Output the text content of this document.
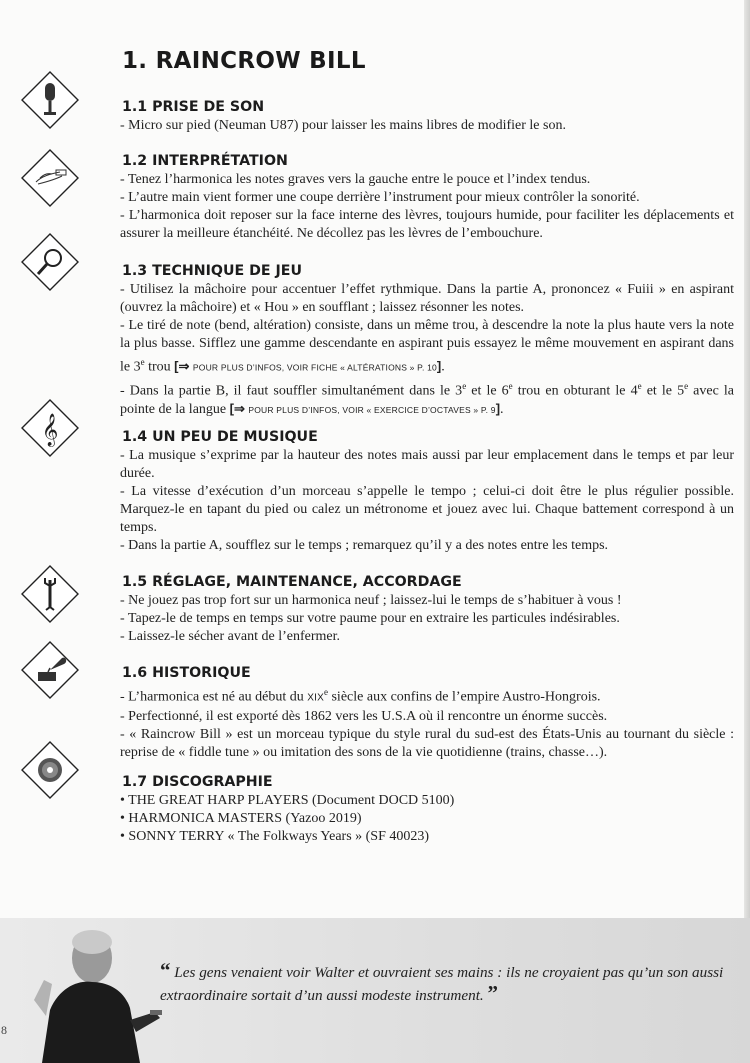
1. RAINCROW BILL
𝄞
1.1 PRISE DE SON

- Micro sur pied (Neuman U87) pour laisser les mains libres de modifier le son.

1.2 INTERPRÉTATION

- Tenez l’harmonica les notes graves vers la gauche entre le pouce et l’index tendus.

- L’autre main vient former une coupe derrière l’instrument pour mieux contrôler la sonorité.

- L’harmonica doit reposer sur la face interne des lèvres, toujours humide, pour faciliter les déplacements et assurer la meilleure étanchéité. Ne décollez pas les lèvres de l’embouchure.

1.3 TECHNIQUE DE JEU

- Utilisez la mâchoire pour accentuer l’effet rythmique. Dans la partie A, prononcez « Fuiii » en aspirant (ouvrez la mâchoire) et « Hou » en soufflant ; laissez résonner les notes.

- Le tiré de note (bend, altération) consiste, dans un même trou, à descendre la note la plus haute vers la note la plus basse. Sifflez une gamme descendante en aspirant puis essayez le même mouvement en aspirant dans le 3e trou [⇒ POUR PLUS D’INFOS, VOIR FICHE « ALTÉRATIONS » P. 10].

- Dans la partie B, il faut souffler simultanément dans le 3e et le 6e trou en obturant le 4e et le 5e avec la pointe de la langue [⇒ POUR PLUS D’INFOS, VOIR « EXERCICE D’OCTAVES » P. 9].

1.4 UN PEU DE MUSIQUE

- La musique s’exprime par la hauteur des notes mais aussi par leur emplacement dans le temps et par leur durée.

- La vitesse d’exécution d’un morceau s’appelle le tempo ; celui-ci doit être le plus régulier possible. Marquez-le en tapant du pied ou calez un métronome et jouez avec lui. Chaque battement correspond à un temps.

- Dans la partie A, soufflez sur le temps ; remarquez qu’il y a des notes entre les temps.

1.5 RÉGLAGE, MAINTENANCE, ACCORDAGE

- Ne jouez pas trop fort sur un harmonica neuf ; laissez-lui le temps de s’habituer à vous !

- Tapez-le de temps en temps sur votre paume pour en extraire les particules indésirables.

- Laissez-le sécher avant de l’enfermer.

1.6 HISTORIQUE

- L’harmonica est né au début du XIXe siècle aux confins de l’empire Austro-Hongrois.

- Perfectionné, il est exporté dès 1862 vers les U.S.A où il rencontre un énorme succès.

- « Raincrow Bill » est un morceau typique du style rural du sud-est des États-Unis au tournant du siècle : reprise de « fiddle tune » ou imitation des sons de la vie quotidienne (trains, chasse…).

1.7 DISCOGRAPHIE

• THE GREAT HARP PLAYERS (Document DOCD 5100)

• HARMONICA MASTERS (Yazoo 2019)

• SONNY TERRY « The Folkways Years » (SF 40023)

8
“ Les gens venaient voir Walter et ouvraient ses mains : ils ne croyaient pas qu’un son aussi extraordinaire sortait d’un aussi modeste instrument. ”
